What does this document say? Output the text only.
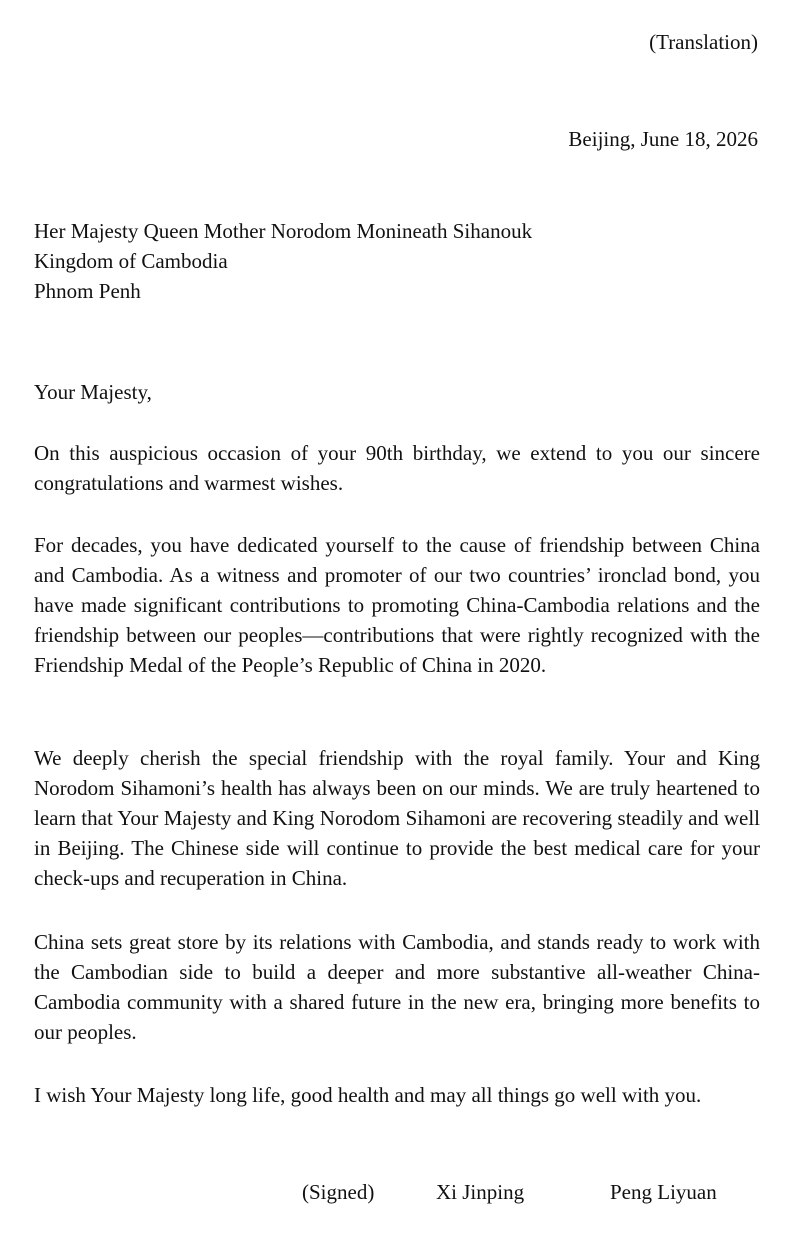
(Translation)
Beijing, June 18, 2026
Her Majesty Queen Mother Norodom Monineath Sihanouk
Kingdom of Cambodia
Phnom Penh
Your Majesty,

On this auspicious occasion of your 90th birthday, we extend to you our sincere congratulations and warmest wishes.

For decades, you have dedicated yourself to the cause of friendship between China and Cambodia. As a witness and promoter of our two countries’ ironclad bond, you have made significant contributions to promoting China-Cambodia relations and the friendship between our peoples—contributions that were rightly recognized with the Friendship Medal of the People’s Republic of China in 2020.

We deeply cherish the special friendship with the royal family. Your and King Norodom Sihamoni’s health has always been on our minds. We are truly heartened to learn that Your Majesty and King Norodom Sihamoni are recovering steadily and well in Beijing. The Chinese side will continue to provide the best medical care for your check-ups and recuperation in China.

China sets great store by its relations with Cambodia, and stands ready to work with the Cambodian side to build a deeper and more substantive all-weather China-Cambodia community with a shared future in the new era, bringing more benefits to our peoples.

I wish Your Majesty long life, good health and may all things go well with you.

(Signed)	Xi Jinping	Peng Liyuan
